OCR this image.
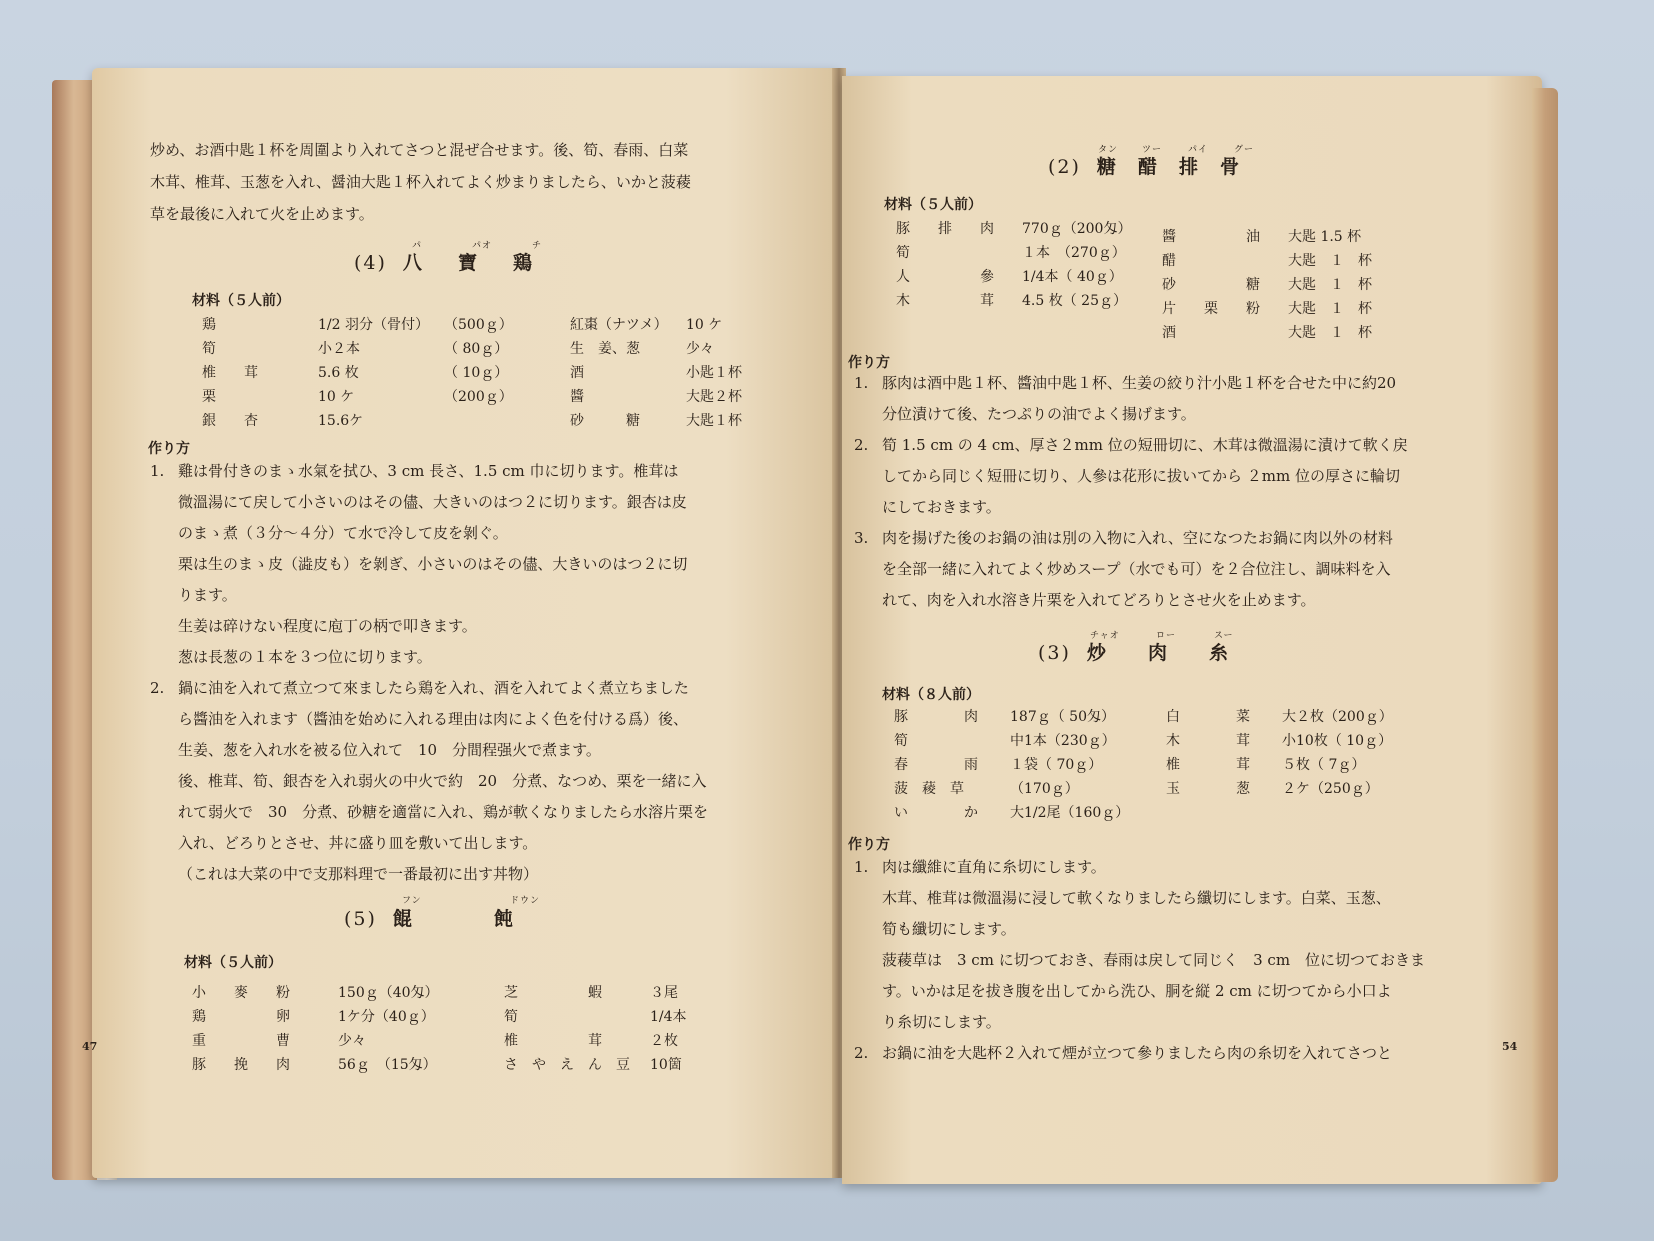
炒め、お酒中匙１杯を周圍より入れてさつと混ぜ合せます。後、筍、春雨、白菜
木茸、椎茸、玉葱を入れ、醤油大匙１杯入れてよく炒まりましたら、いかと菠薐
草を最後に入れて火を止めます。
パ	パオ	チ
(4) 八 寶 鶏
材料（５人前）
鶏	1/2 羽分（骨付）	（500ｇ）	紅棗（ナツメ）	10 ケ
筍	小２本	（ 80ｇ）	生　姜、葱	少々
椎　　茸	5.6 枚	（ 10ｇ）	酒	小匙１杯
栗	10 ケ	（200ｇ）	醬	大匙２杯
銀　　杏	15.6ケ		砂　　　糖	大匙１杯
作り方
1. 雞は骨付きのまゝ水氣を拭ひ、3 cm 長さ、1.5 cm 巾に切ります。椎茸は
微溫湯にて戻して小さいのはその儘、大きいのはつ２に切ります。銀杏は皮
のまゝ煮（３分～４分）て水で冷して皮を剝ぐ。
栗は生のまゝ皮（澁皮も）を剝ぎ、小さいのはその儘、大きいのはつ２に切
ります。
生姜は碎けない程度に庖丁の柄で叩きます。
葱は長葱の１本を３つ位に切ります。
2. 鍋に油を入れて煮立つて來ましたら鶏を入れ、酒を入れてよく煮立ちました
ら醬油を入れます（醬油を始めに入れる理由は肉によく色を付ける爲）後、
生姜、葱を入れ水を被る位入れて　10　分間程强火で煮ます。
後、椎茸、筍、銀杏を入れ弱火の中火で約　20　分煮、なつめ、栗を一緒に入
れて弱火で　30　分煮、砂糖を適當に入れ、鶏が軟くなりましたら水溶片栗を
入れ、どろりとさせ、丼に盛り皿を敷いて出します。
（これは大菜の中で支那料理で一番最初に出す丼物）
フン	ドウン
(5) 餛	飩
材料（５人前）
小　　麥　　粉	150ｇ（40匁）	芝　　　　　蝦	３尾
鶏　　　　　卵	1ケ分（40ｇ）	筍	1/4本
重　　　　　曹	少々	椎　　　　　茸	２枚
豚　　挽　　肉	56ｇ　（15匁）	さ　や　え　ん　豆	10箇
47
タン	ツー	パイ	グー
(2) 糖 醋 排 骨
材料（５人前）
豚　　排　　肉	770ｇ（200匁）
筍	１本　（270ｇ）
人　　　　　參	1/4本（ 40ｇ）
木　　　　　茸	4.5 枚（ 25ｇ）
醬　　　　　油	大匙 1.5 杯
醋	大匙　１　杯
砂　　　　　糖	大匙　１　杯
片　　栗　　粉	大匙　１　杯
酒	大匙　１　杯
作り方
1. 豚肉は酒中匙１杯、醬油中匙１杯、生姜の絞り汁小匙１杯を合せた中に約20
分位漬けて後、たつぷりの油でよく揚げます。
2. 筍 1.5 cm の 4 cm、厚さ２mm 位の短冊切に、木茸は微溫湯に漬けて軟く戻
してから同じく短冊に切り、人參は花形に拔いてから ２mm 位の厚さに輪切
にしておきます。
3. 肉を揚げた後のお鍋の油は別の入物に入れ、空になつたお鍋に肉以外の材料
を全部一緒に入れてよく炒めスープ（水でも可）を２合位注し、調味料を入
れて、肉を入れ水溶き片栗を入れてどろりとさせ火を止めます。
チャオ	ロー	スー
(3) 炒 肉 糸
材料（８人前）
豚　　　　肉	187ｇ（ 50匁）	白　　　　菜	大２枚（200ｇ）
筍	中1本（230ｇ）	木　　　　茸	小10枚（ 10ｇ）
春　　　　雨	１袋（ 70ｇ）	椎　　　　茸	５枚（ 7ｇ）
菠　薐　草	（170ｇ）	玉　　　　葱	２ケ（250ｇ）
い　　　　か	大1/2尾（160ｇ）		
作り方
1. 肉は纖維に直角に糸切にします。
木茸、椎茸は微溫湯に浸して軟くなりましたら纖切にします。白菜、玉葱、
筍も纖切にします。
菠薐草は　3 cm に切つておき、春雨は戻して同じく　3 cm　位に切つておきま
す。いかは足を拔き腹を出してから洗ひ、胴を縦 2 cm に切つてから小口よ
り糸切にします。
2. お鍋に油を大匙杯２入れて煙が立つて參りましたら肉の糸切を入れてさつと	54
